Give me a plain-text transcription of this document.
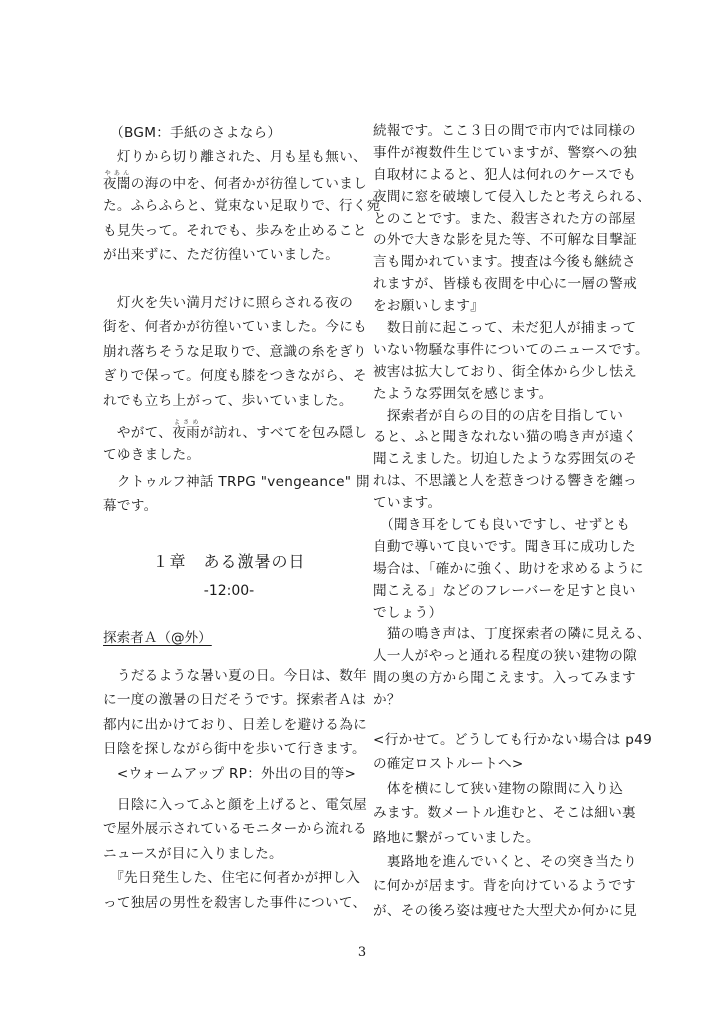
　（BGM：手紙のさよなら）
　灯りから切り離された、月も星も無い、
夜闇やあんの海の中を、何者かが彷徨していまし
た。ふらふらと、覚束ない足取りで、行く宛
も見失って。それでも、歩みを止めること
が出来ずに、ただ彷徨いていました。
　灯火を失い満月だけに照らされる夜の
街を、何者かが彷徨いていました。今にも
崩れ落ちそうな足取りで、意識の糸をぎり
ぎりで保って。何度も膝をつきながら、そ
れでも立ち上がって、歩いていました。
　やがて、夜雨よさめが訪れ、すべてを包み隠し
てゆきました。
　クトゥルフ神話 TRPG "vengeance" 開
幕です。
　うだるような暑い夏の日。今日は、数年
に一度の激暑の日だそうです。探索者Ａは
都内に出かけており、日差しを避ける為に
日陰を探しながら街中を歩いて行きます。
　<ウォームアップ RP：外出の目的等>
　日陰に入ってふと顔を上げると、電気屋
で屋外展示されているモニターから流れる
ニュースが目に入りました。
　『先日発生した、住宅に何者かが押し入
って独居の男性を殺害した事件について、
続報です。ここ３日の間で市内では同様の
事件が複数件生じていますが、警察への独
自取材によると、犯人は何れのケースでも
夜間に窓を破壊して侵入したと考えられる、
とのことです。また、殺害された方の部屋
の外で大きな影を見た等、不可解な目撃証
言も聞かれています。捜査は今後も継続さ
れますが、皆様も夜間を中心に一層の警戒
をお願いします』
　数日前に起こって、未だ犯人が捕まって
いない物騒な事件についてのニュースです。
被害は拡大しており、街全体から少し怯え
たような雰囲気を感じます。
　探索者が自らの目的の店を目指してい
ると、ふと聞きなれない猫の鳴き声が遠く
聞こえました。切迫したような雰囲気のそ
れは、不思議と人を惹きつける響きを纏っ
ています。
　（聞き耳をしても良いですし、せずとも
自動で導いて良いです。聞き耳に成功した
場合は、「確かに強く、助けを求めるように
聞こえる」などのフレーバーを足すと良い
でしょう）
　猫の鳴き声は、丁度探索者の隣に見える、
人一人がやっと通れる程度の狭い建物の隙
間の奥の方から聞こえます。入ってみます
か？
<行かせて。どうしても行かない場合は p49
の確定ロストルートへ>
　体を横にして狭い建物の隙間に入り込
みます。数メートル進むと、そこは細い裏
路地に繋がっていました。
　裏路地を進んでいくと、その突き当たり
に何かが居ます。背を向けているようです
が、その後ろ姿は痩せた大型犬か何かに見
１章　ある激暑の日
-12:00-
探索者Ａ（@外）
3
